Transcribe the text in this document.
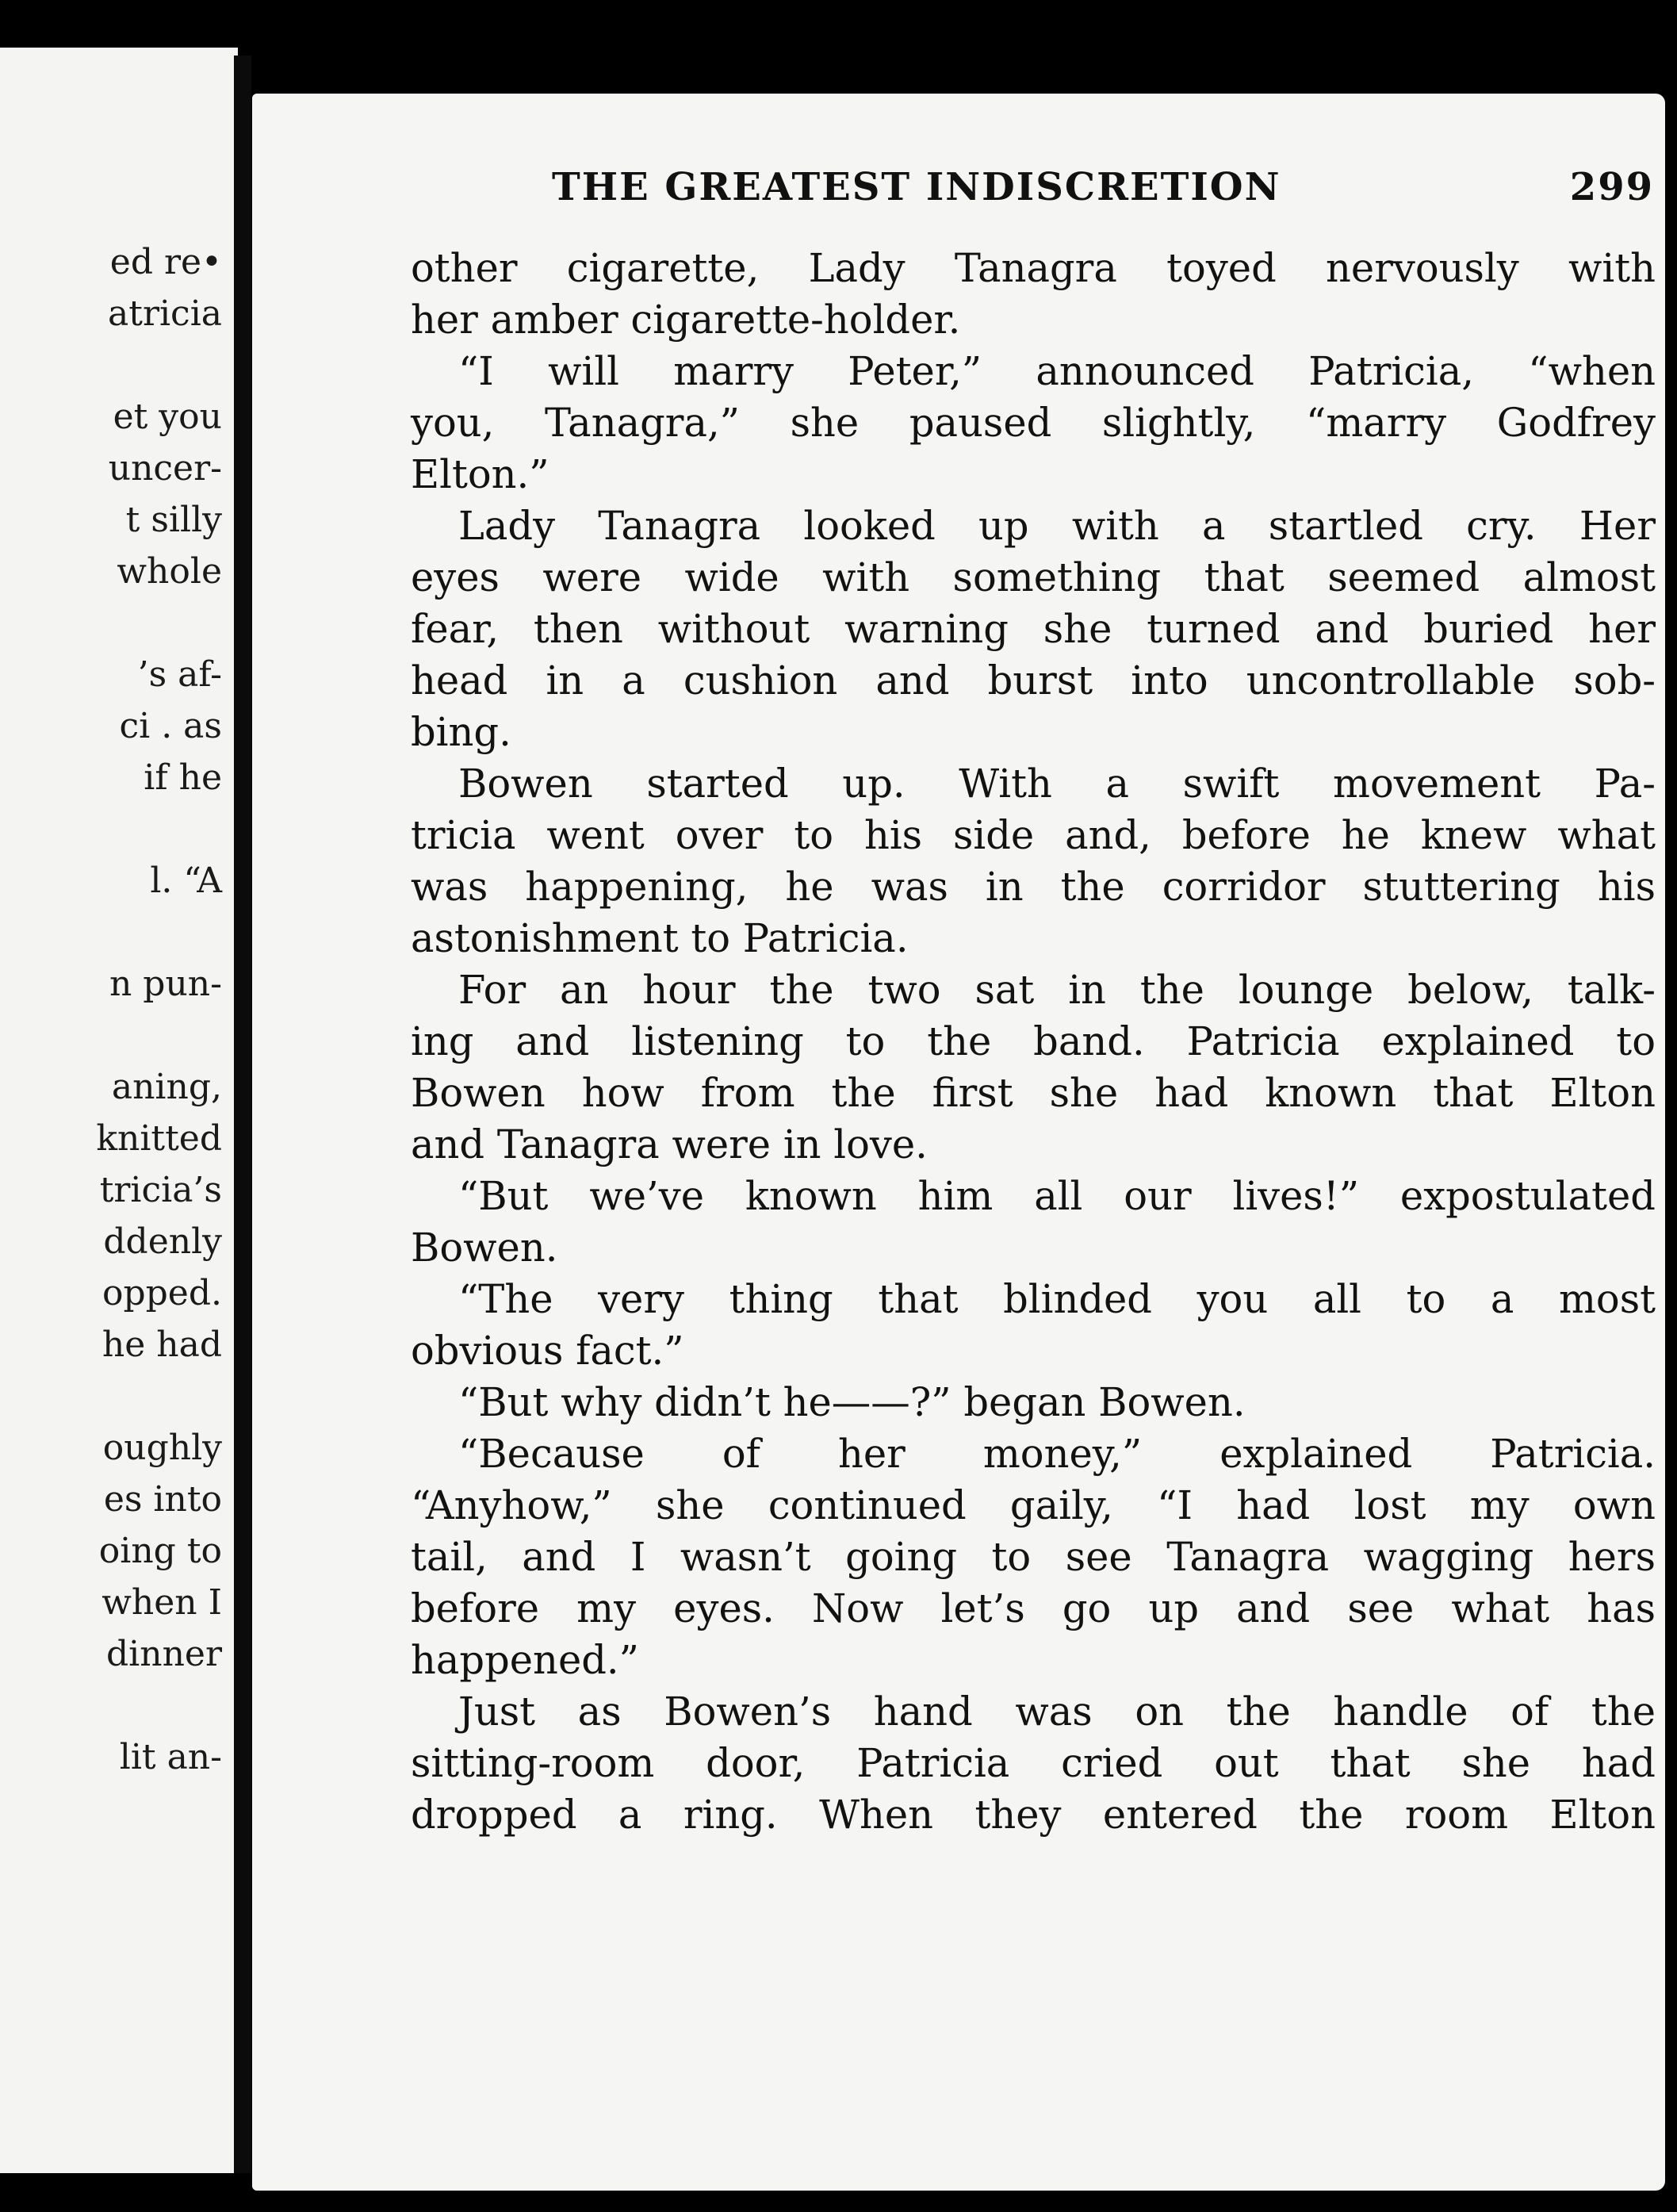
ed re•
atricia
et you
uncer-
t silly
whole
’s af-
ci . as
if he
l. “A
n pun-
aning,
knitted
tricia’s
ddenly
opped.
he had
oughly
es into
oing to
when I
dinner
lit an-
THE GREATEST INDISCRETION	299
other cigarette, Lady Tanagra toyed nervously with
her amber cigarette-holder.
“I will marry Peter,” announced Patricia, “when
you, Tanagra,” she paused slightly, “marry Godfrey
Elton.”
Lady Tanagra looked up with a startled cry. Her
eyes were wide with something that seemed almost
fear, then without warning she turned and buried her
head in a cushion and burst into uncontrollable sob-
bing.
Bowen started up. With a swift movement Pa-
tricia went over to his side and, before he knew what
was happening, he was in the corridor stuttering his
astonishment to Patricia.
For an hour the two sat in the lounge below, talk-
ing and listening to the band. Patricia explained to
Bowen how from the first she had known that Elton
and Tanagra were in love.
“But we’ve known him all our lives!” expostulated
Bowen.
“The very thing that blinded you all to a most
obvious fact.”
“But why didn’t he——?” began Bowen.
“Because of her money,” explained Patricia.
“Anyhow,” she continued gaily, “I had lost my own
tail, and I wasn’t going to see Tanagra wagging hers
before my eyes. Now let’s go up and see what has
happened.”
Just as Bowen’s hand was on the handle of the
sitting-room door, Patricia cried out that she had
dropped a ring. When they entered the room Elton
